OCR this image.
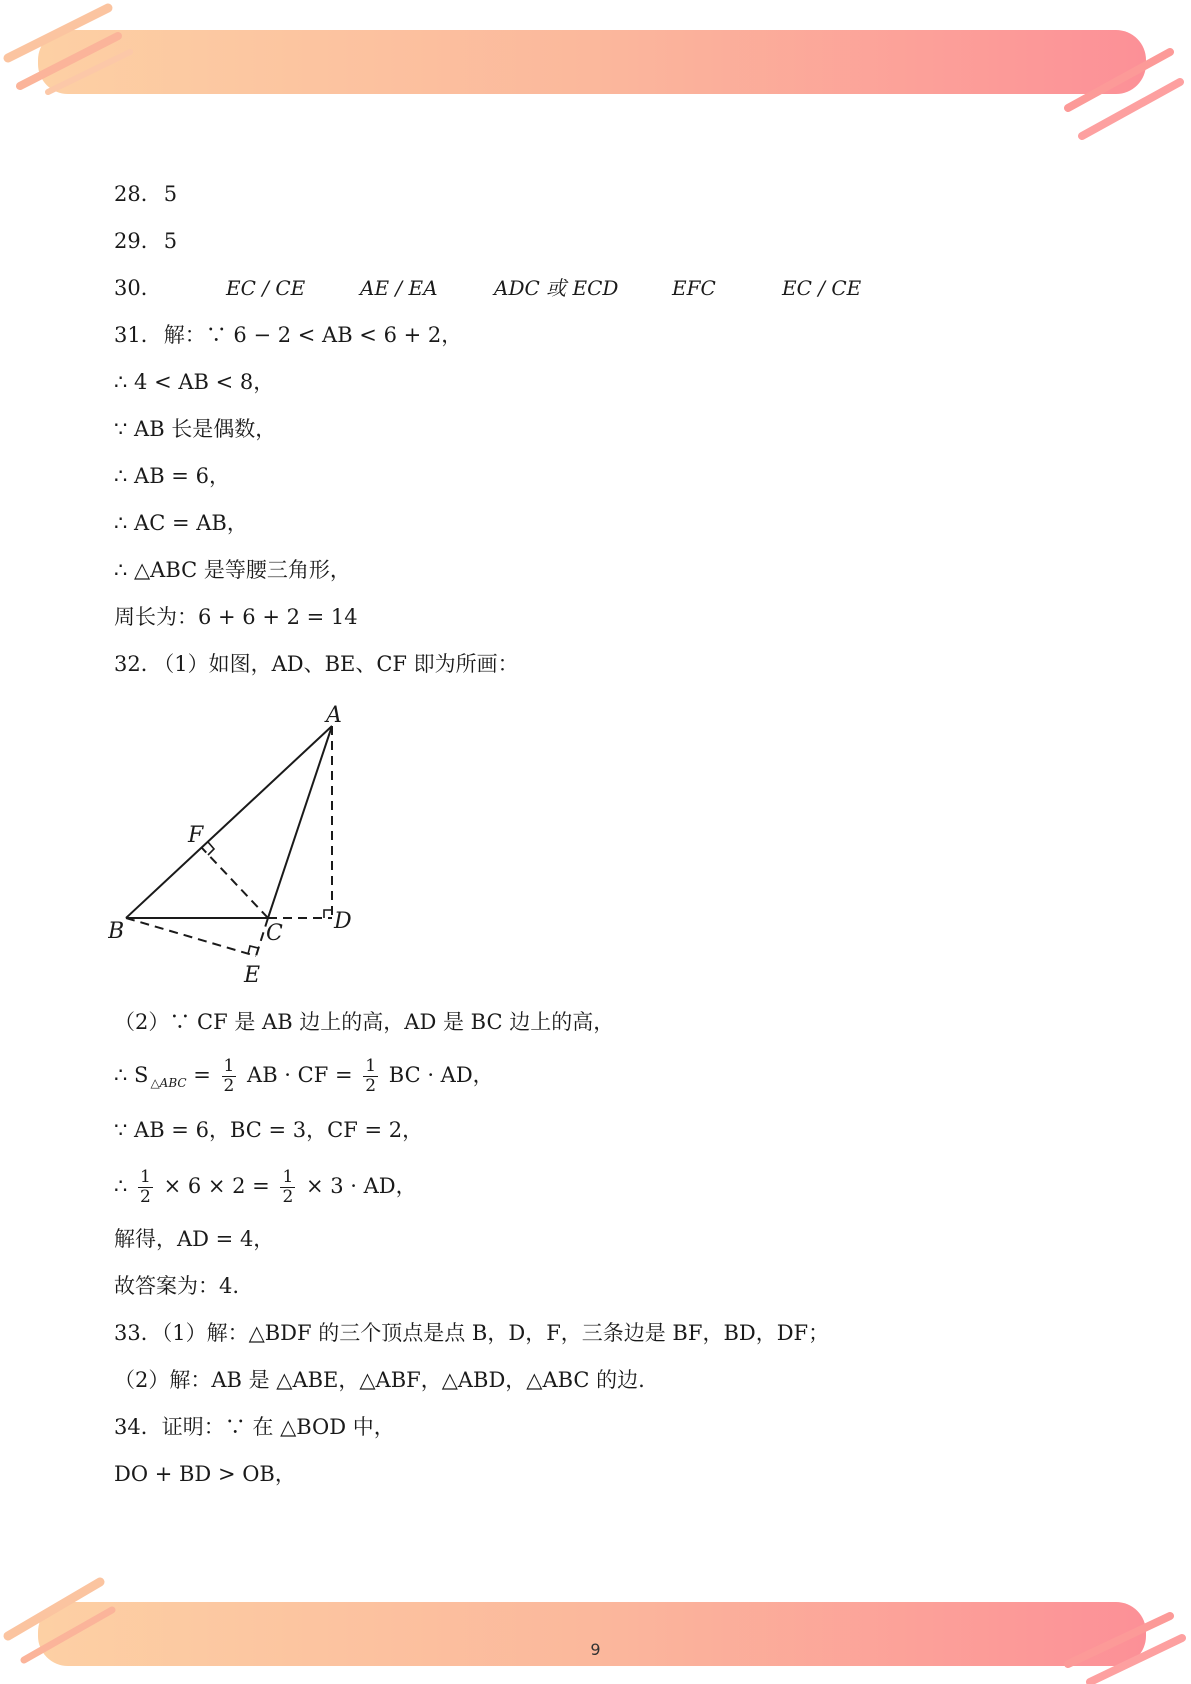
28．5
29．5
30．	EC / CE	AE / EA	ADC 或 ECD	EFC	EC / CE
31．解：∵ 6 − 2 < AB < 6 + 2，
∴ 4 < AB < 8，
∵ AB 长是偶数，
∴ AB = 6，
∴ AC = AB，
∴ △ABC 是等腰三角形，
周长为：6 + 6 + 2 = 14
32．（1）如图，AD、BE、CF 即为所画：
A
B	C D
E
F
（2）∵ CF 是 AB 边上的高，AD 是 BC 边上的高，
∴ S $_{\triangle ABC} = \frac{1}{2}$ AB · CF = $\frac{1}{2}$ BC · AD，
∵ AB = 6，BC = 3，CF = 2，
∴ $\frac{1}{2} \times 6 \times 2 = \frac{1}{2} \times 3$ · AD，
解得，AD = 4，
故答案为：4.
33．（1）解：△BDF 的三个顶点是点 B，D，F，三条边是 BF，BD，DF；
（2）解：AB 是 △ABE，△ABF，△ABD，△ABC 的边.
34．证明：∵ 在 △BOD 中，
DO + BD > OB，
9
